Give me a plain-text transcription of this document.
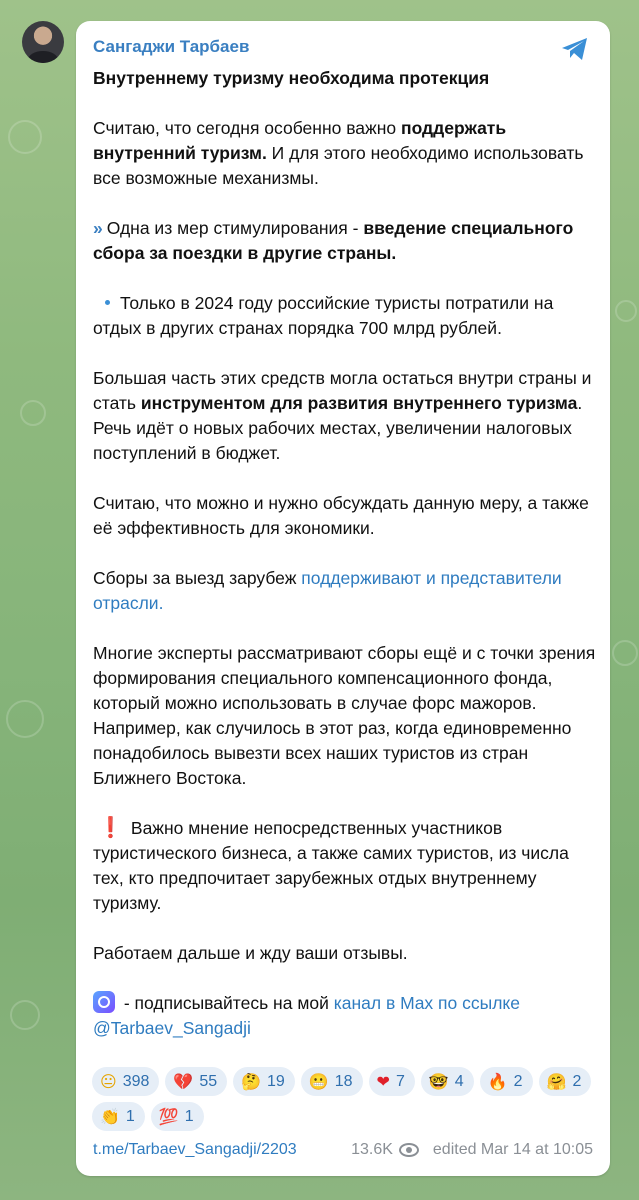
Сангаджи Тарбаев

Внутреннему туризму необходима протекция

Считаю, что сегодня особенно важно поддержать внутренний туризм. И для этого необходимо использовать все возможные механизмы.

» Одна из мер стимулирования - введение специального сбора за поездки в другие страны.

Только в 2024 году российские туристы потратили на отдых в других странах порядка 700 млрд рублей.

Большая часть этих средств могла остаться внутри страны и стать инструментом для развития внутреннего туризма. Речь идёт о новых рабочих местах, увеличении налоговых поступлений в бюджет.

Считаю, что можно и нужно обсуждать данную меру, а также её эффективность для экономики.

Сборы за выезд зарубеж поддерживают и представители отрасли.

Многие эксперты рассматривают сборы ещё и с точки зрения формирования специального компенсационного фонда, который можно использовать в случае форс мажоров. Например, как случилось в этот раз, когда единовременно понадобилось вывезти всех наших туристов из стран Ближнего Востока.

❗ Важно мнение непосредственных участников туристического бизнеса, а также самих туристов, из числа тех, кто предпочитает зарубежных отдых внутреннему туризму.

Работаем дальше и жду ваши отзывы.

- подписывайтесь на мой канал в Max по ссылке
@Tarbaev_Sangadji

😐 398 💔 55 🤔 19 😬 18 ❤ 7 🤓 4 🔥 2 🤗 2
👏 1 💯 1
t.me/Tarbaev_Sangadji/2203	13.6K	edited Mar 14 at 10:05
